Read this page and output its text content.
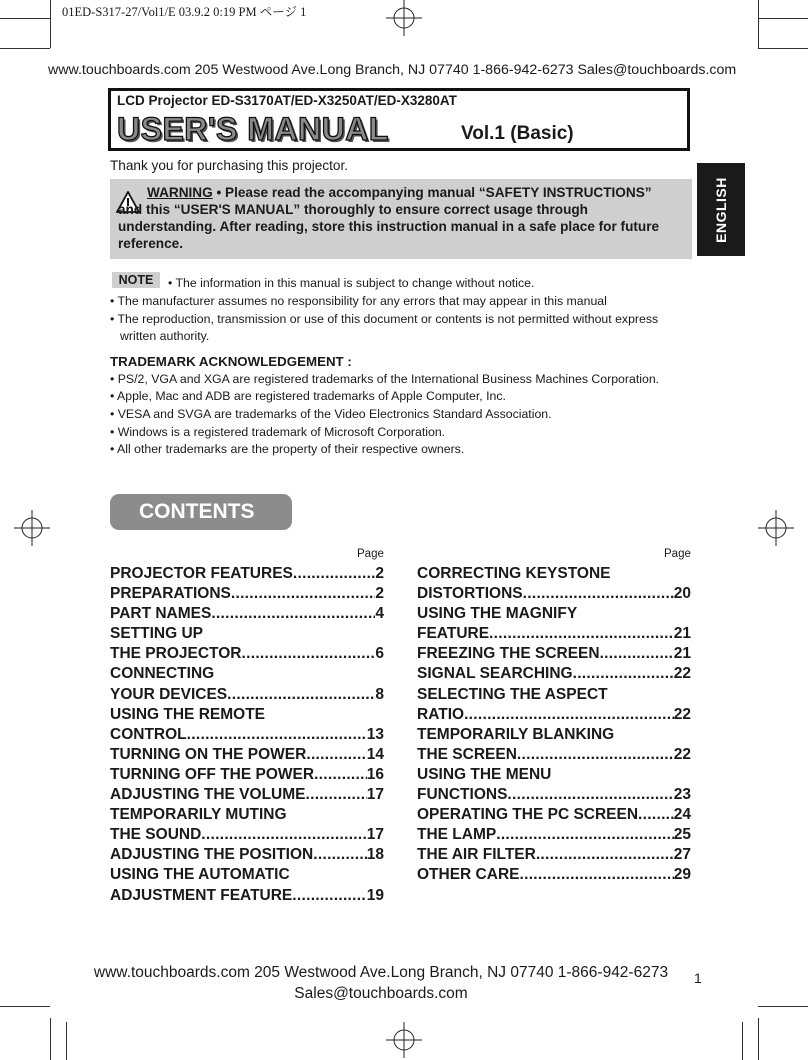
01ED-S317-27/Vol1/E 03.9.2 0:19 PM ページ 1
www.touchboards.com 205 Westwood Ave.Long Branch, NJ 07740 1-866-942-6273 Sales@touchboards.com
LCD Projector ED-S3170AT/ED-X3250AT/ED-X3280AT
USER'S MANUAL	Vol.1 (Basic)
Thank you for purchasing this projector.
WARNING • Please read the accompanying manual “SAFETY INSTRUCTIONS” and this “USER'S MANUAL” thoroughly to ensure correct usage through understanding. After reading, store this instruction manual in a safe place for future reference.
ENGLISH
NOTE	• The information in this manual is subject to change without notice.
• The manufacturer assumes no responsibility for any errors that may appear in this manual
• The reproduction, transmission or use of this document or contents is not permitted without express
written authority.
TRADEMARK ACKNOWLEDGEMENT :
• PS/2, VGA and XGA are registered trademarks of the International Business Machines Corporation.
• Apple, Mac and ADB are registered trademarks of Apple Computer, Inc.
• VESA and SVGA are trademarks of the Video Electronics Standard Association.
• Windows is a registered trademark of Microsoft Corporation.
• All other trademarks are the property of their respective owners.
CONTENTS
Page	Page
PROJECTOR FEATURES .....	2
PREPARATIONS .....	2
PART NAMES .....	4
SETTING UP
THE PROJECTOR .....	6
CONNECTING
YOUR DEVICES .....	8
USING THE REMOTE
CONTROL .....	13
TURNING ON THE POWER .....	14
TURNING OFF THE POWER .....	16
ADJUSTING THE VOLUME .....	17
TEMPORARILY MUTING
THE SOUND .....	17
ADJUSTING THE POSITION .....	18
USING THE AUTOMATIC
ADJUSTMENT FEATURE .....	19
CORRECTING KEYSTONE
DISTORTIONS .....	20
USING THE MAGNIFY
FEATURE .....	21
FREEZING THE SCREEN .....	21
SIGNAL SEARCHING .....	22
SELECTING THE ASPECT
RATIO .....	22
TEMPORARILY BLANKING
THE SCREEN .....	22
USING THE MENU
FUNCTIONS .....	23
OPERATING THE PC SCREEN ..... 24
THE LAMP .....	25
THE AIR FILTER .....	27
OTHER CARE .....	29
www.touchboards.com 205 Westwood Ave.Long Branch, NJ 07740 1-866-942-6273
Sales@touchboards.com
1
